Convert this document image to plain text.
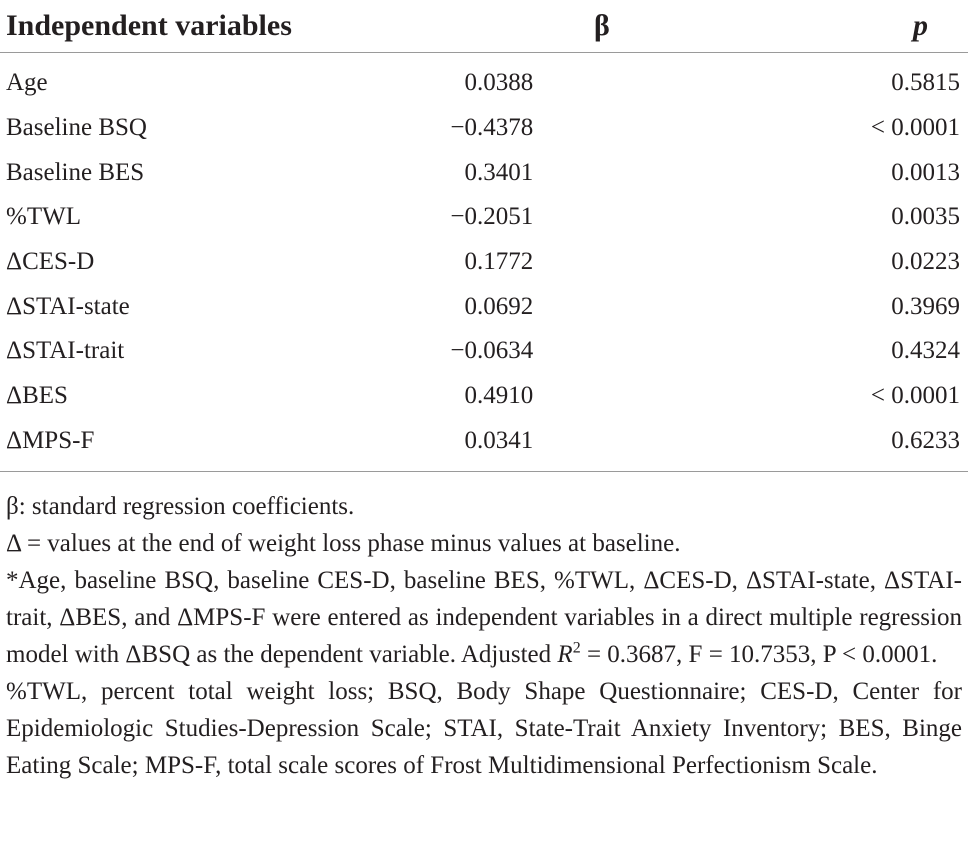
Independent variables	β	p
Age	0.0388	0.5815
Baseline BSQ	−0.4378	< 0.0001
Baseline BES	0.3401	0.0013
%TWL	−0.2051	0.0035
ΔCES-D	0.1772	0.0223
ΔSTAI-state	0.0692	0.3969
ΔSTAI-trait	−0.0634	0.4324
ΔBES	0.4910	< 0.0001
ΔMPS-F	0.0341	0.6233

β: standard regression coefficients.

Δ = values at the end of weight loss phase minus values at baseline.

*Age, baseline BSQ, baseline CES-D, baseline BES, %TWL, ΔCES-D, ΔSTAI-state, ΔSTAI-trait, ΔBES, and ΔMPS-F were entered as independent variables in a direct multiple regression model with ΔBSQ as the dependent variable. Adjusted $R^2 = 0.3687$, F = 10.7353, P < 0.0001.

%TWL, percent total weight loss; BSQ, Body Shape Questionnaire; CES-D, Center for Epidemiologic Studies-Depression Scale; STAI, State-Trait Anxiety Inventory; BES, Binge Eating Scale; MPS-F, total scale scores of Frost Multidimensional Perfectionism Scale.
